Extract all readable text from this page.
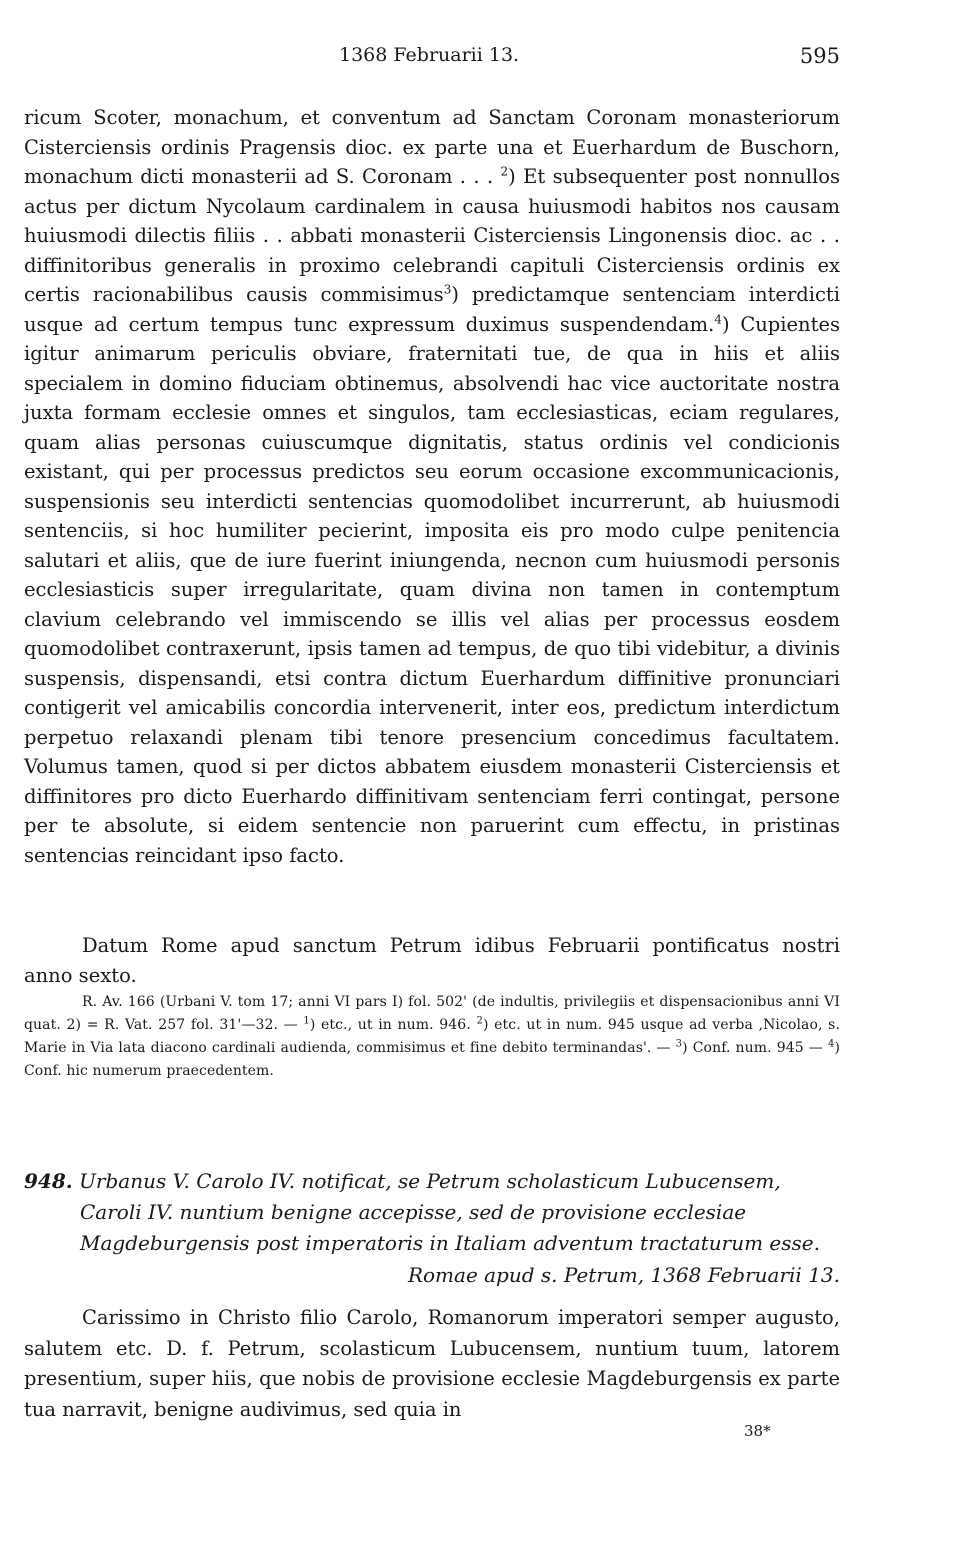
1368 Februarii 13.	595

ricum Scoter, monachum, et conventum ad Sanctam Coronam monasteriorum Cisterciensis ordinis Pragensis dioc. ex parte una et Euerhardum de Buschorn, monachum dicti monasterii ad S. Coronam . . . $^2$) Et subsequenter post nonnullos actus per dictum Nycolaum cardinalem in causa huiusmodi habitos nos causam huiusmodi dilectis filiis . . abbati monasterii Cisterciensis Lingonensis dioc. ac . . diffinitoribus generalis in proximo celebrandi capituli Cisterciensis ordinis ex certis racionabilibus causis commisimus$^3$) predictamque sentenciam interdicti usque ad certum tempus tunc expressum duximus suspendendam.$^4$) Cupientes igitur animarum periculis obviare, fraternitati tue, de qua in hiis et aliis specialem in domino fiduciam obtinemus, absolvendi hac vice auctoritate nostra juxta formam ecclesie omnes et singulos, tam ecclesiasticas, eciam regulares, quam alias personas cuiuscumque dignitatis, status ordinis vel condicionis existant, qui per processus predictos seu eorum occasione excommunicacionis, suspensionis seu interdicti sentencias quomodolibet incurrerunt, ab huiusmodi sentenciis, si hoc humiliter pecierint, imposita eis pro modo culpe penitencia salutari et aliis, que de iure fuerint iniungenda, necnon cum huiusmodi personis ecclesiasticis super irregularitate, quam divina non tamen in contemptum clavium celebrando vel immiscendo se illis vel alias per processus eosdem quomodolibet contraxerunt, ipsis tamen ad tempus, de quo tibi videbitur, a divinis suspensis, dispensandi, etsi contra dictum Euerhardum diffinitive pronunciari contigerit vel amicabilis concordia intervenerit, inter eos, predictum interdictum perpetuo relaxandi plenam tibi tenore presencium concedimus facultatem. Volumus tamen, quod si per dictos abbatem eiusdem monasterii Cisterciensis et diffinitores pro dicto Euerhardo diffinitivam sentenciam ferri contingat, persone per te absolute, si eidem sentencie non paruerint cum effectu, in pristinas sentencias reincidant ipso facto.

Datum Rome apud sanctum Petrum idibus Februarii pontificatus nostri anno sexto.

R. Av. 166 (Urbani V. tom 17; anni VI pars I) fol. 502' (de indultis, privilegiis et dispensacionibus anni VI quat. 2) = R. Vat. 257 fol. 31'—32. — $^1$) etc., ut in num. 946. $^2$) etc. ut in num. 945 usque ad verba ‚Nicolao, s. Marie in Via lata diacono cardinali audienda, commisimus et fine debito terminandas'. — $^3$) Conf. num. 945 — $^4$) Conf. hic numerum praecedentem.

948. Urbanus V. Carolo IV. notificat, se Petrum scholasticum Lubucensem, Caroli IV. nuntium benigne accepisse, sed de provisione ecclesiae Magdeburgensis post imperatoris in Italiam adventum tractaturum esse.

Romae apud s. Petrum, 1368 Februarii 13.

Carissimo in Christo filio Carolo, Romanorum imperatori semper augusto, salutem etc. D. f. Petrum, scolasticum Lubucensem, nuntium tuum, latorem presentium, super hiis, que nobis de provisione ecclesie Magdeburgensis ex parte tua narravit, benigne audivimus, sed quia in

38*
